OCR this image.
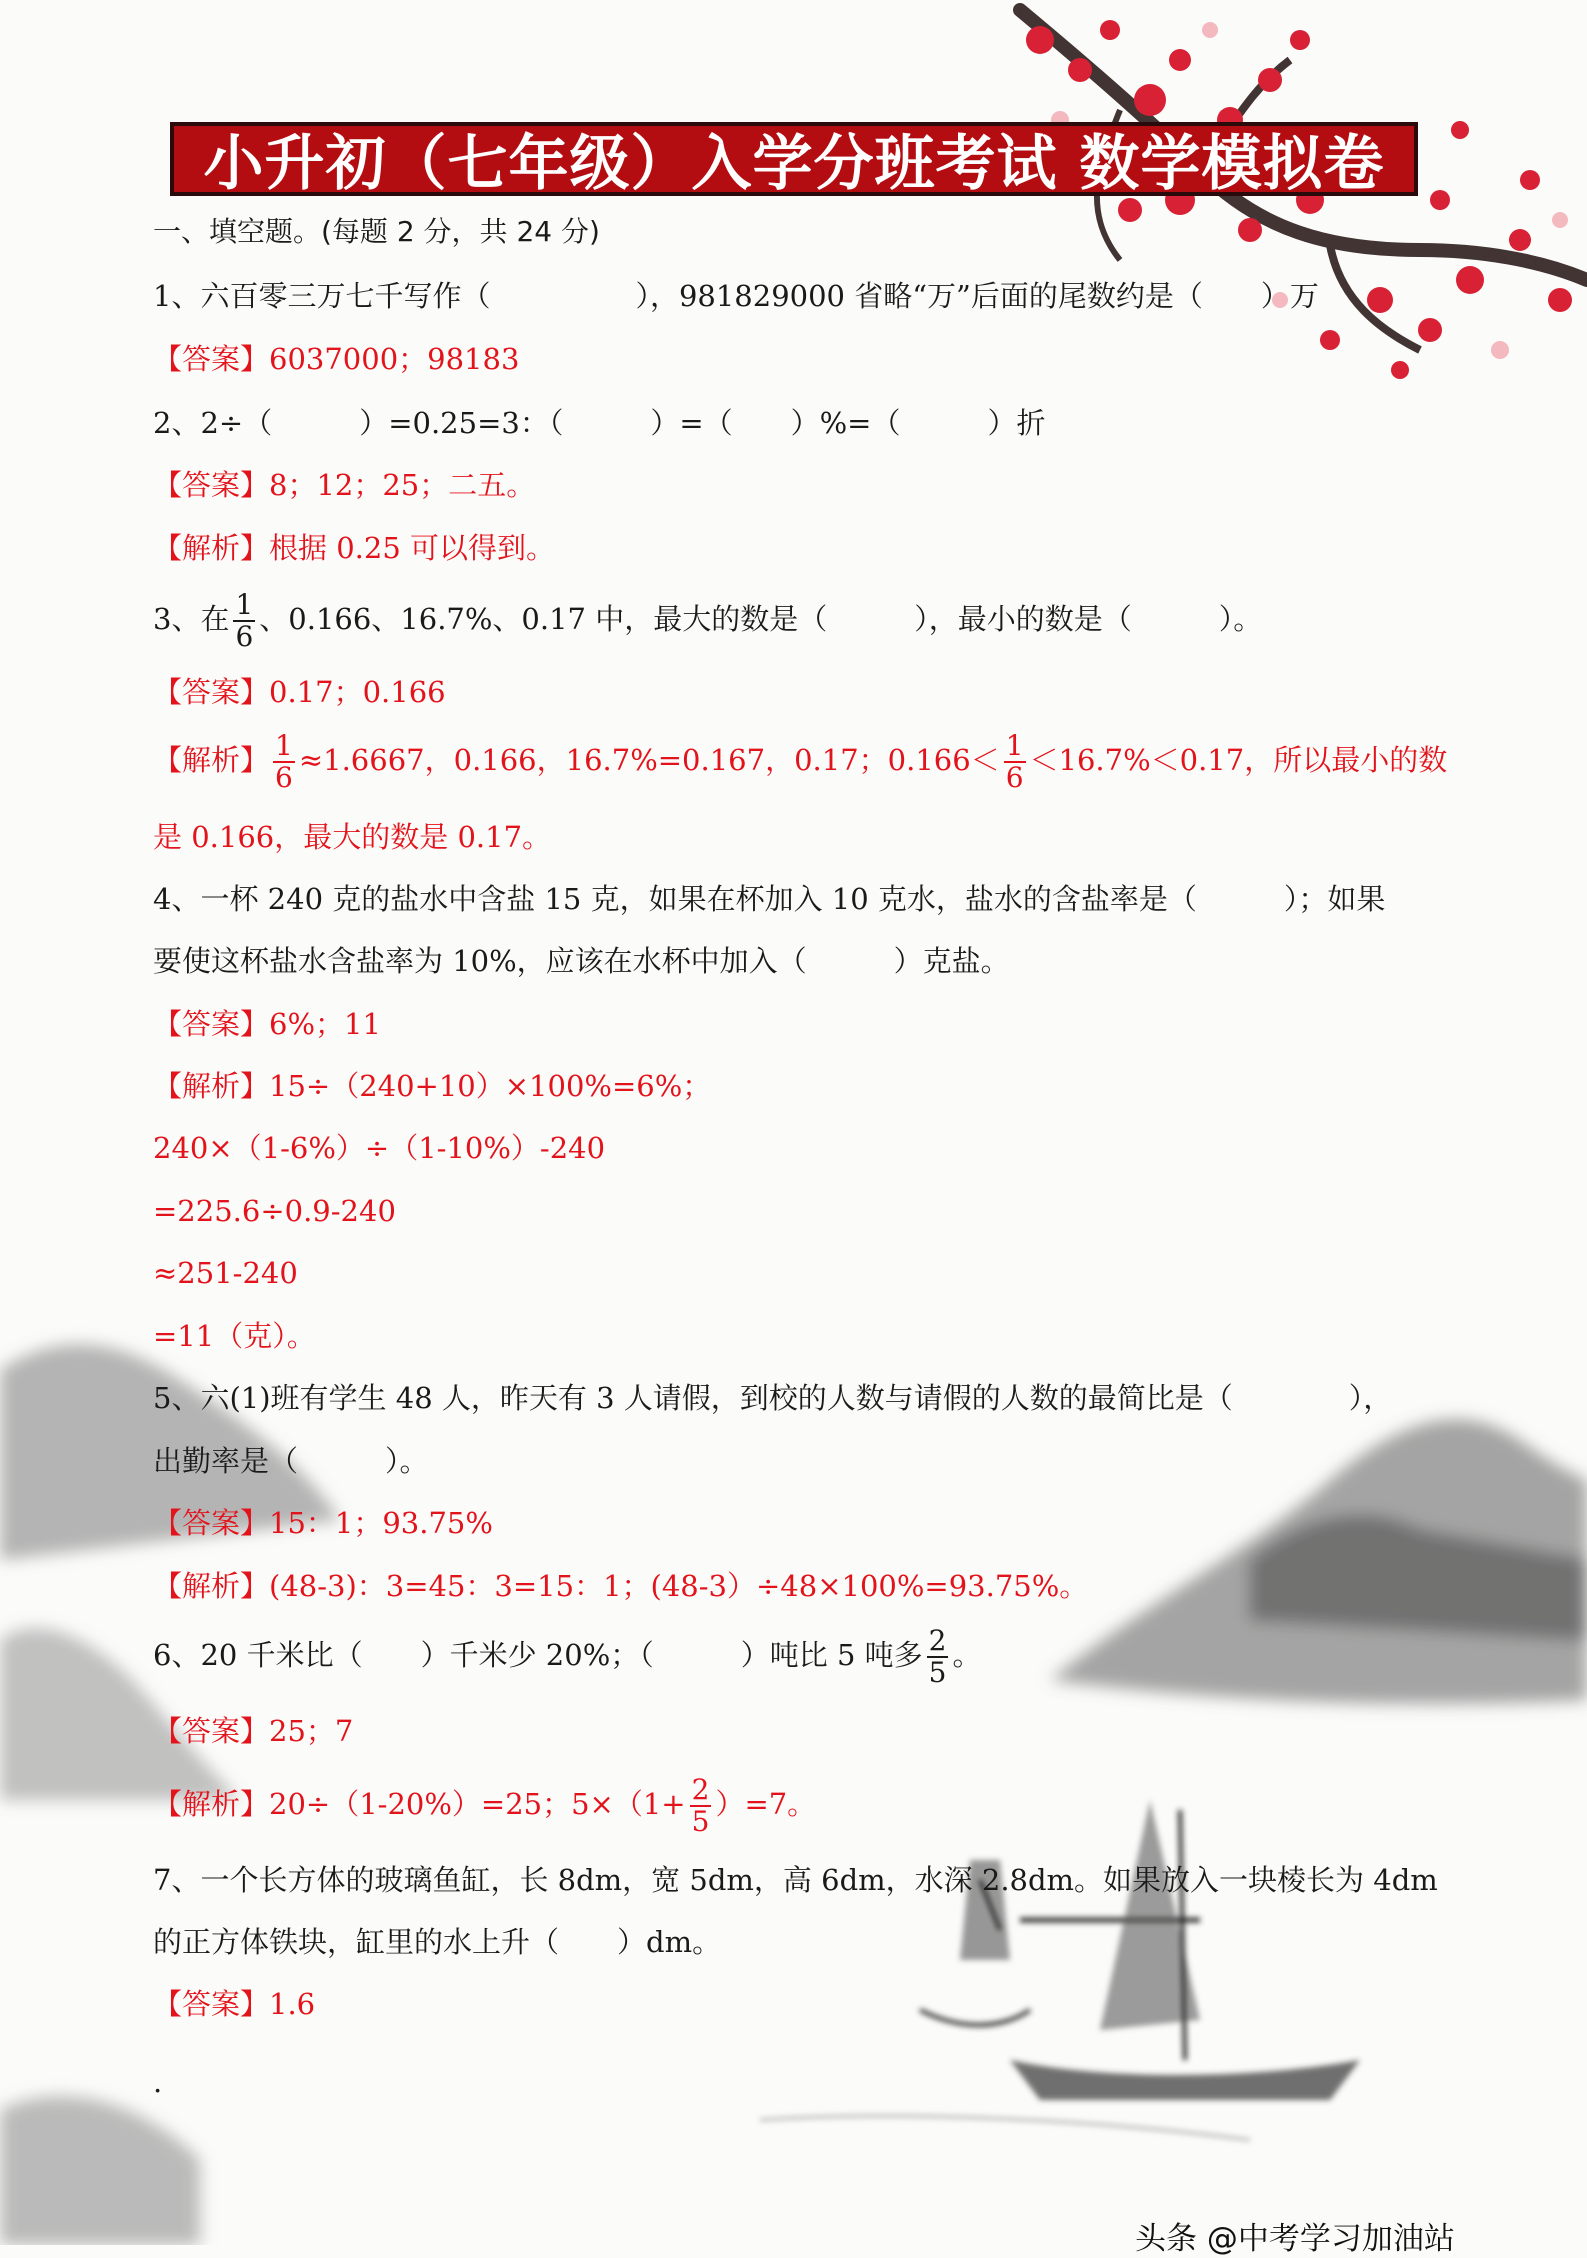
小升初（七年级）入学分班考试 数学模拟卷
一、填空题。(每题 2 分，共 24 分)
1、六百零三万七千写作（　　　　　），981829000 省略“万”后面的尾数约是（　　）万
【答案】6037000；98183
2、2÷（　　　）=0.25=3：（　　　）=（　　）%=（　　　）折
【答案】8；12；25；二五。
【解析】根据 0.25 可以得到。
3、在 $\frac{1}{6}$ 、0.166、16.7%、0.17 中，最大的数是（　　　），最小的数是（　　　）。
【答案】0.17；0.166
【解析】 $\frac{1}{6} \approx 1.6667$，0.166，16.7%=0.167，0.17；$0.166< \frac{1}{6} <16.7\%<0.17$，所以最小的数
是 0.166，最大的数是 0.17。
4、一杯 240 克的盐水中含盐 15 克，如果在杯加入 10 克水，盐水的含盐率是（　　　）；如果
要使这杯盐水含盐率为 10%，应该在水杯中加入（　　　）克盐。
【答案】6%；11
【解析】15÷（240+10）×100%=6%；
240×（1-6%）÷（1-10%）-240
=225.6÷0.9-240
≈251-240
=11（克）。
5、六(1)班有学生 48 人，昨天有 3 人请假，到校的人数与请假的人数的最简比是（　　　　），
出勤率是（　　　）。
【答案】15：1；93.75%
【解析】(48-3)：3=45：3=15：1；(48-3）÷48×100%=93.75%。
6、20 千米比（　　）千米少 20%；（　　　）吨比 5 吨多 $\frac{2}{5}$ 。
【答案】25；7
【解析】20÷（1-20%）=25；$5\times(1+ \frac{2}{5} )=7$。
7、一个长方体的玻璃鱼缸，长 8dm，宽 5dm，高 6dm，水深 2.8dm。如果放入一块棱长为 4dm
的正方体铁块，缸里的水上升（　　）dm。
【答案】1.6
.
头条 @中考学习加油站
